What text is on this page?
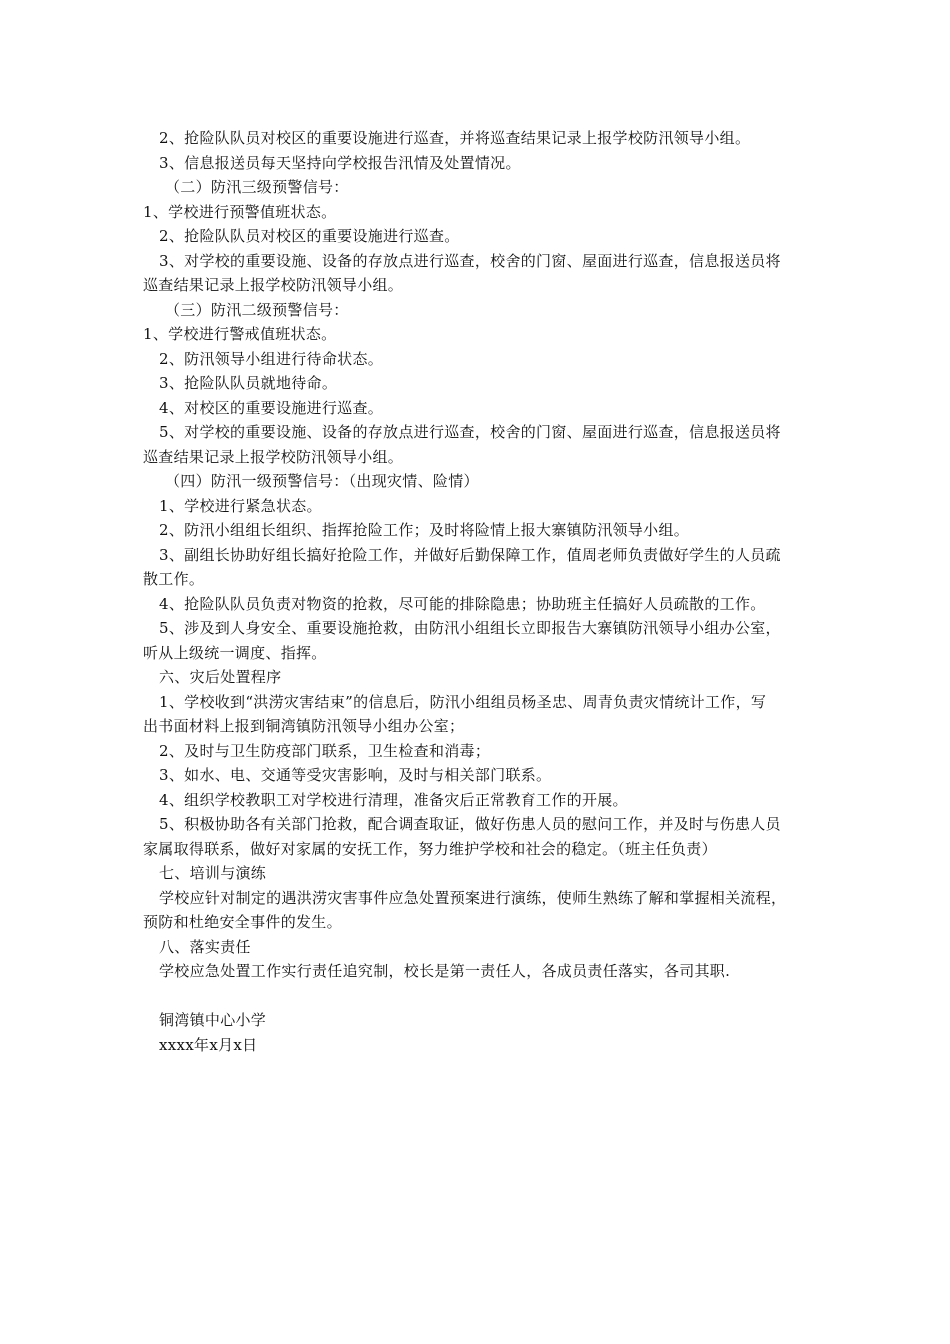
2、抢险队队员对校区的重要设施进行巡查，并将巡查结果记录上报学校防汛领导小组。
3、信息报送员每天坚持向学校报告汛情及处置情况。
（二）防汛三级预警信号：
1、学校进行预警值班状态。
2、抢险队队员对校区的重要设施进行巡查。
3、对学校的重要设施、设备的存放点进行巡查，校舍的门窗、屋面进行巡查，信息报送员将
巡查结果记录上报学校防汛领导小组。
（三）防汛二级预警信号：
1、学校进行警戒值班状态。
2、防汛领导小组进行待命状态。
3、抢险队队员就地待命。
4、对校区的重要设施进行巡查。
5、对学校的重要设施、设备的存放点进行巡查，校舍的门窗、屋面进行巡查，信息报送员将
巡查结果记录上报学校防汛领导小组。
（四）防汛一级预警信号：（出现灾情、险情）
1、学校进行紧急状态。
2、防汛小组组长组织、指挥抢险工作；及时将险情上报大寨镇防汛领导小组。
3、副组长协助好组长搞好抢险工作，并做好后勤保障工作，值周老师负责做好学生的人员疏
散工作。
4、抢险队队员负责对物资的抢救，尽可能的排除隐患；协助班主任搞好人员疏散的工作。
5、涉及到人身安全、重要设施抢救，由防汛小组组长立即报告大寨镇防汛领导小组办公室，
听从上级统一调度、指挥。
六、灾后处置程序
1、学校收到“洪涝灾害结束”的信息后，防汛小组组员杨圣忠、周青负责灾情统计工作，写
出书面材料上报到铜湾镇防汛领导小组办公室；
2、及时与卫生防疫部门联系，卫生检查和消毒；
3、如水、电、交通等受灾害影响，及时与相关部门联系。
4、组织学校教职工对学校进行清理，准备灾后正常教育工作的开展。
5、积极协助各有关部门抢救，配合调查取证，做好伤患人员的慰问工作，并及时与伤患人员
家属取得联系，做好对家属的安抚工作，努力维护学校和社会的稳定。（班主任负责）
七、培训与演练
学校应针对制定的遇洪涝灾害事件应急处置预案进行演练，使师生熟练了解和掌握相关流程，
预防和杜绝安全事件的发生。
八、落实责任
学校应急处置工作实行责任追究制，校长是第一责任人，各成员责任落实，各司其职.
铜湾镇中心小学
xxxx年x月x日
